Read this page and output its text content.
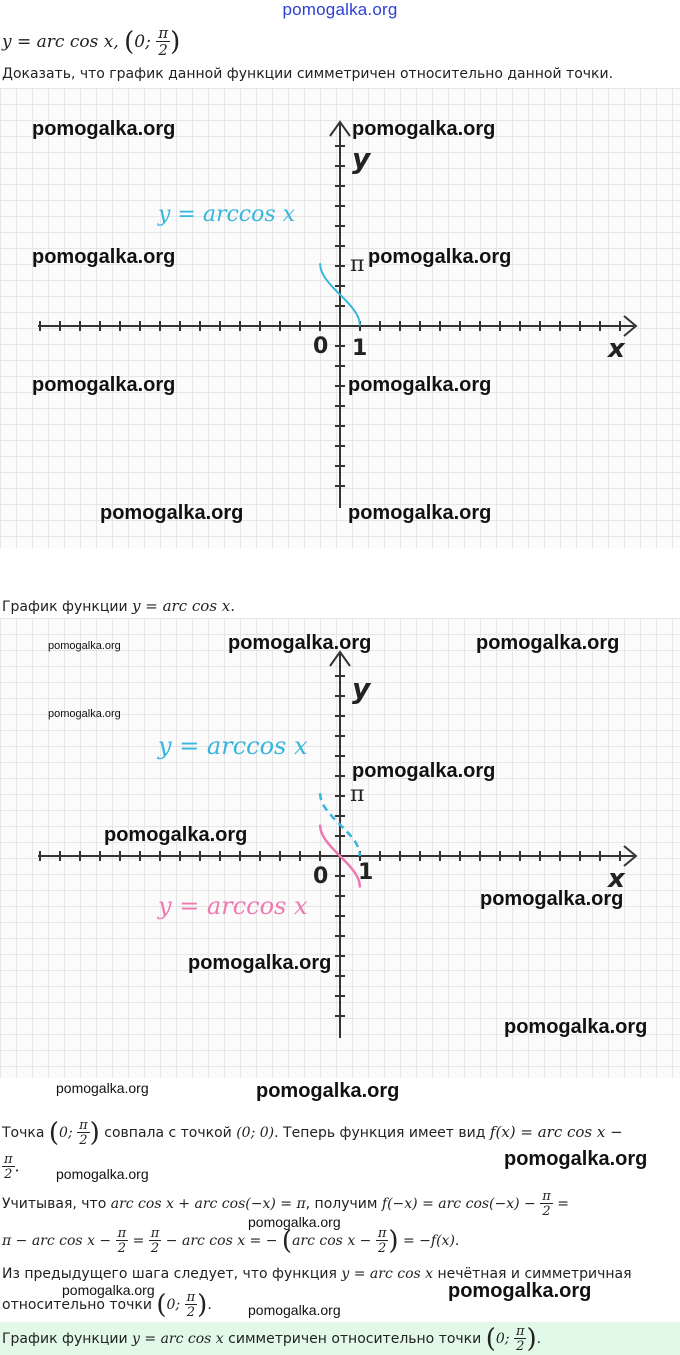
pomogalka.org
y = arc cos x, (0; $\frac{\pi}{2}$ )
Доказать, что график данной функции симметричен относительно данной точки.
y
x
0 1
π
y = arccos x
pomogalka.org	pomogalka.org
pomogalka.org	pomogalka.org
pomogalka.org	pomogalka.org
pomogalka.org	pomogalka.org
График функции y = arc cos x.
y
x
0 1
π
y = arccos x
y = arccos x
pomogalka.org	pomogalka.org	pomogalka.org
pomogalka.org
pomogalka.org
pomogalka.org
pomogalka.org
pomogalka.org
pomogalka.org
pomogalka.org	pomogalka.org
Точка (0; $\frac{\pi}{2}$ ) совпала с точкой (0; 0). Теперь функция имеет вид f(x) = arc cos x −
$\frac{\pi}{2}$ .	pomogalka.org
pomogalka.org
Учитывая, что arc cos x + arc cos(−x) = π, получим f(−x) = arc $\cos(-x) - \frac{\pi}{2}$ =
pomogalka.org
π − arc $\cos x - \frac{\pi}{2} = \frac{\pi}{2}$ − arc cos x = − (arc $\cos x - \frac{\pi}{2}$ ) = −f(x).
Из предыдущего шага следует, что функция y = arc cos x нечётная и симметричная
pomogalka.org	pomogalka.org
относительно точки (0; $\frac{\pi}{2}$ ).	pomogalka.org
График функции y = arc cos x симметричен относительно точки (0; $\frac{\pi}{2}$ ).
